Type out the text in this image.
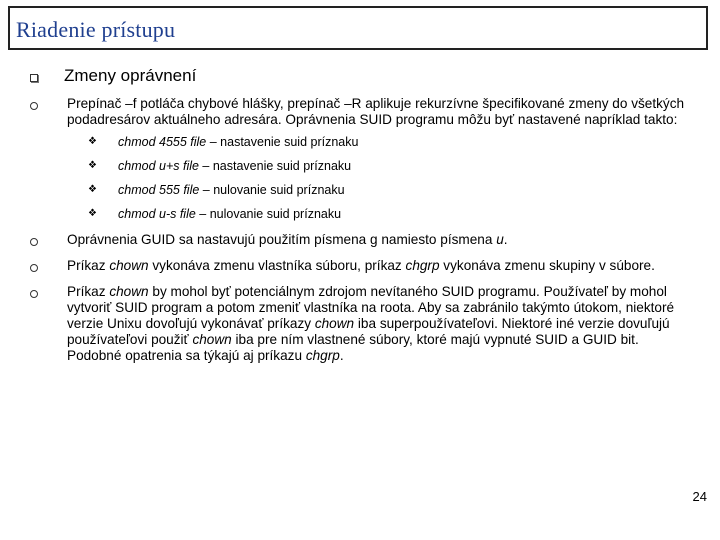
Riadenie prístupu
Zmeny oprávnení
Prepínač –f potláča chybové hlášky, prepínač –R aplikuje rekurzívne špecifikované zmeny do všetkých podadresárov aktuálneho adresára. Oprávnenia SUID programu môžu byť nastavené napríklad takto:
❖ chmod 4555 file – nastavenie suid príznaku
❖ chmod u+s file – nastavenie suid príznaku
❖ chmod 555 file – nulovanie suid príznaku
❖ chmod u-s file – nulovanie suid príznaku
Oprávnenia GUID sa nastavujú použitím písmena g namiesto písmena u.
Príkaz chown vykonáva zmenu vlastníka súboru, príkaz chgrp vykonáva zmenu skupiny v súbore.
Príkaz chown by mohol byť potenciálnym zdrojom nevítaného SUID programu. Používateľ by mohol vytvoriť SUID program a potom zmeniť vlastníka na roota. Aby sa zabránilo takýmto útokom, niektoré verzie Unixu dovoľujú vykonávať príkazy chown iba superpoužívateľovi. Niektoré iné verzie dovuľujú používateľovi použiť chown iba pre ním vlastnené súbory, ktoré majú vypnuté SUID a GUID bit. Podobné opatrenia sa týkajú aj príkazu chgrp.
24
